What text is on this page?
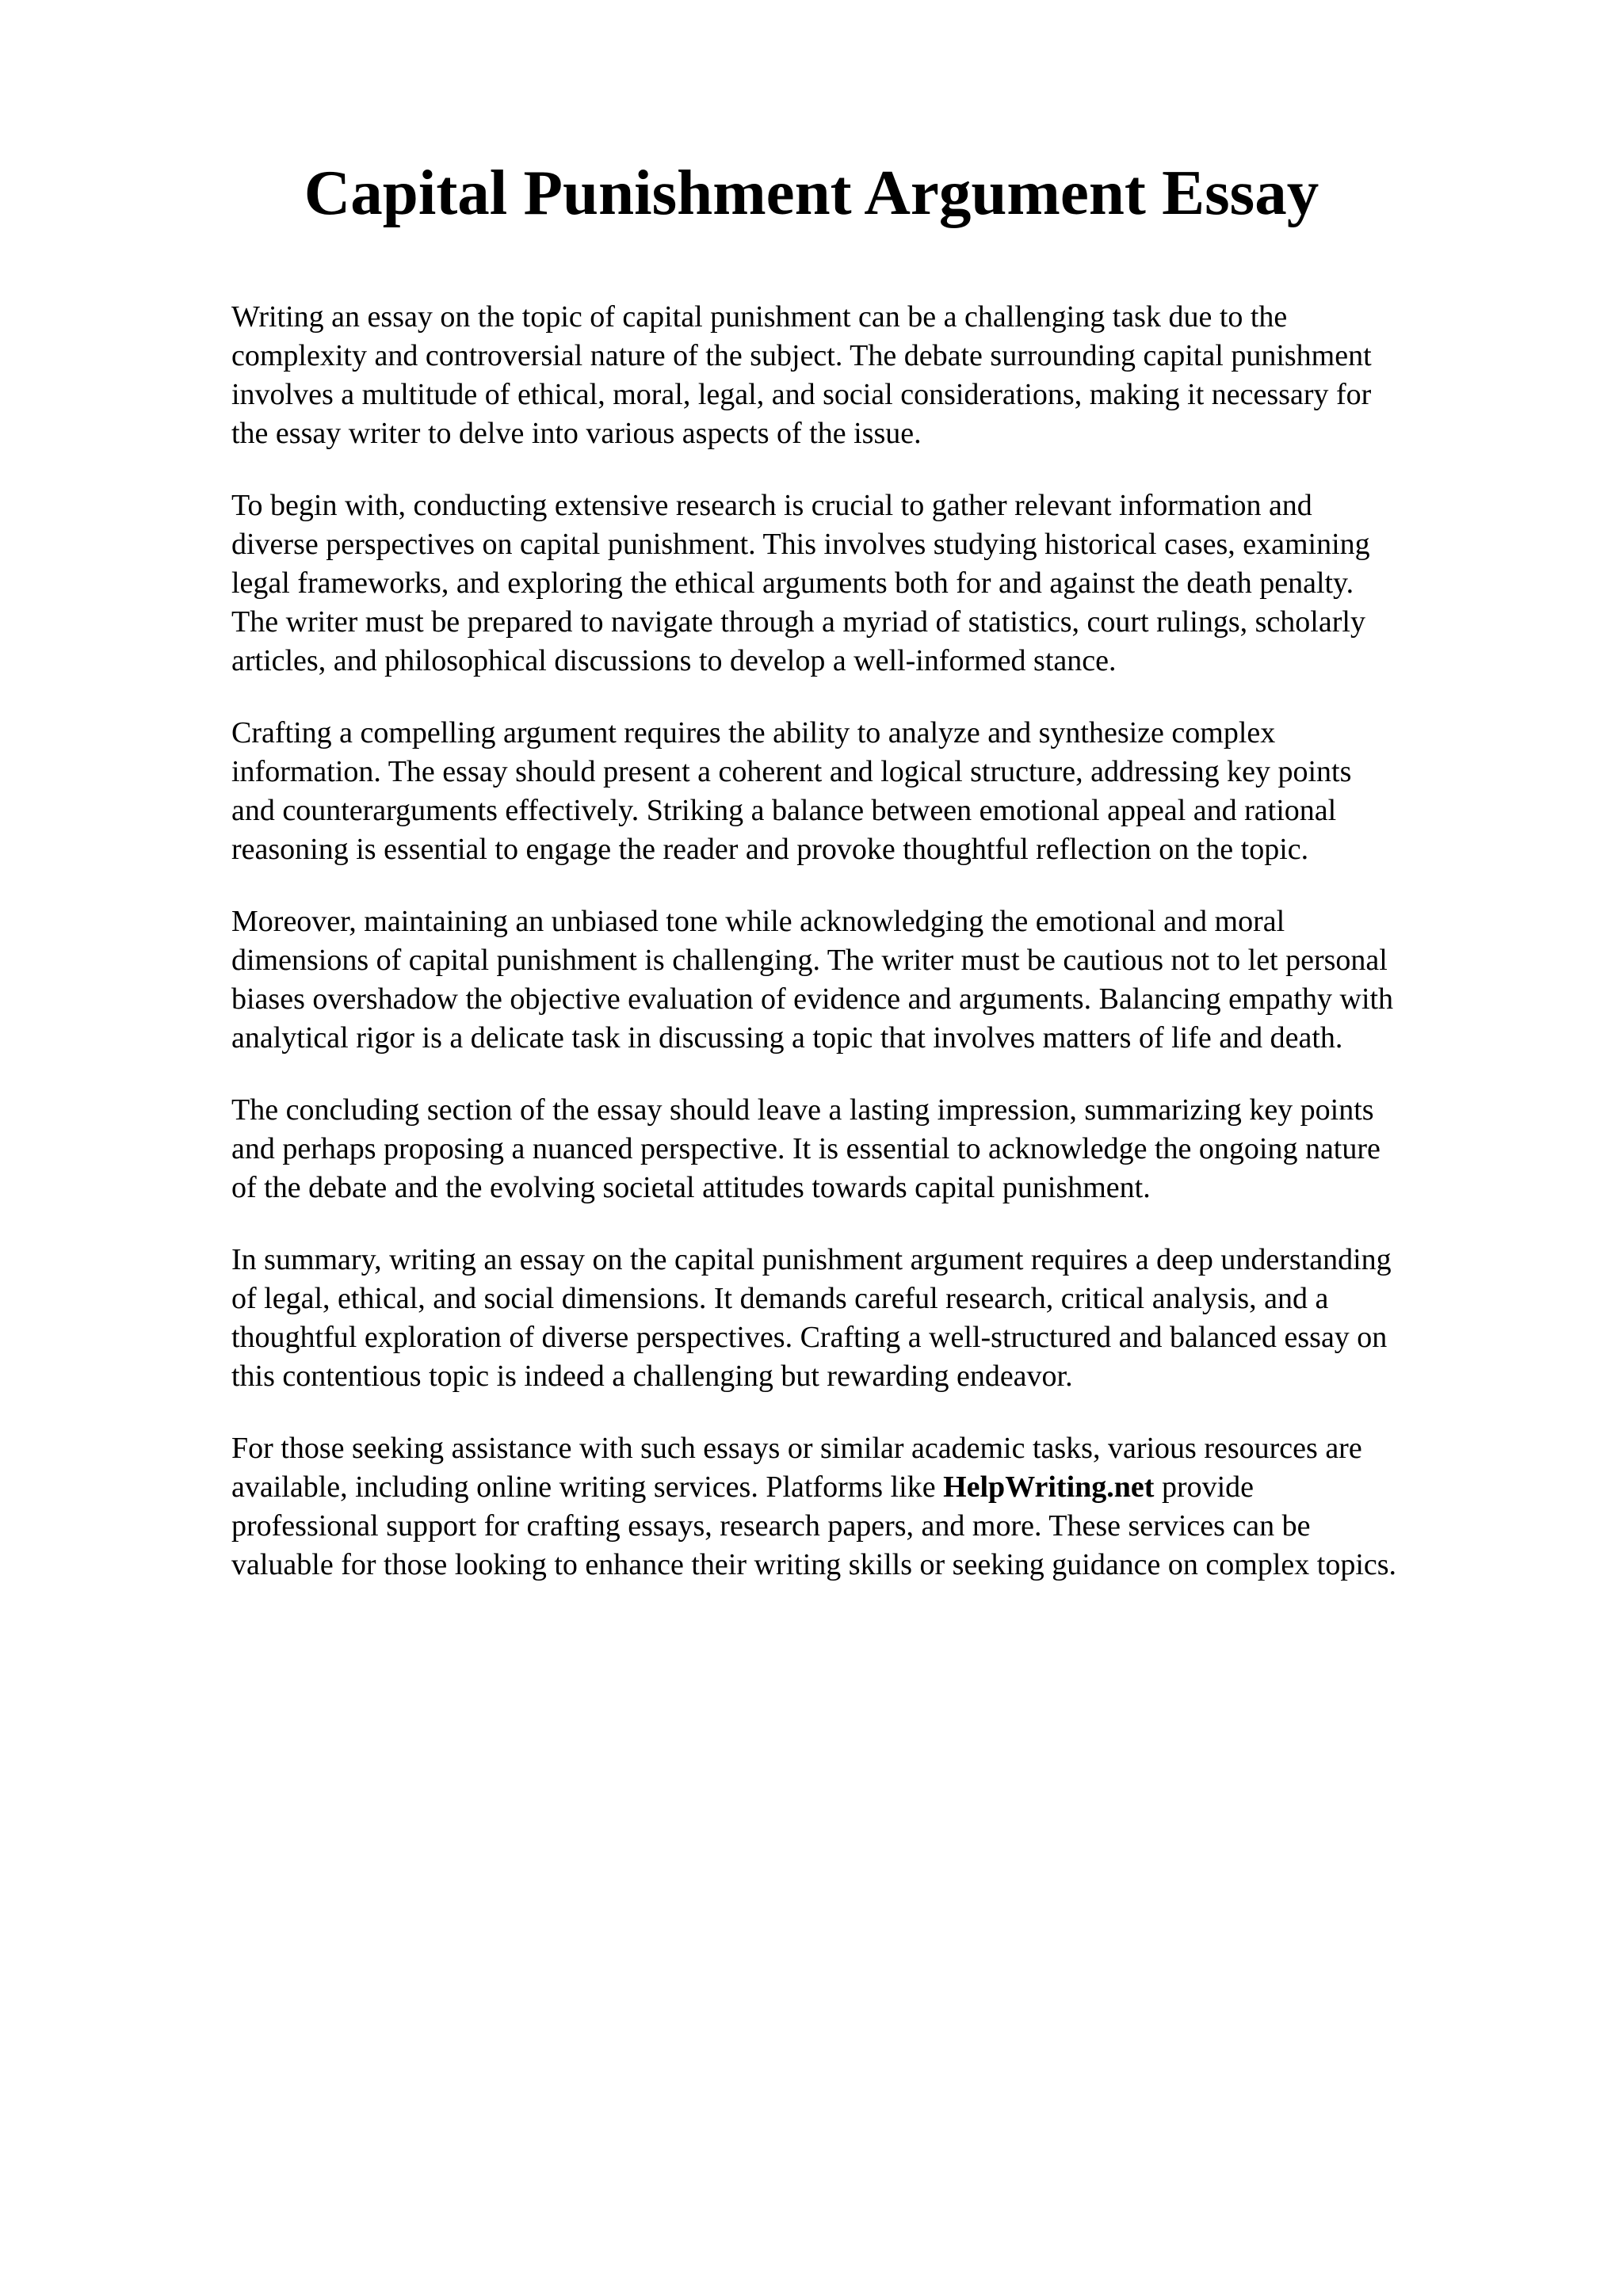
Capital Punishment Argument Essay

Writing an essay on the topic of capital punishment can be a challenging task due to the
complexity and controversial nature of the subject. The debate surrounding capital punishment
involves a multitude of ethical, moral, legal, and social considerations, making it necessary for
the essay writer to delve into various aspects of the issue.

To begin with, conducting extensive research is crucial to gather relevant information and
diverse perspectives on capital punishment. This involves studying historical cases, examining
legal frameworks, and exploring the ethical arguments both for and against the death penalty.
The writer must be prepared to navigate through a myriad of statistics, court rulings, scholarly
articles, and philosophical discussions to develop a well-informed stance.

Crafting a compelling argument requires the ability to analyze and synthesize complex
information. The essay should present a coherent and logical structure, addressing key points
and counterarguments effectively. Striking a balance between emotional appeal and rational
reasoning is essential to engage the reader and provoke thoughtful reflection on the topic.

Moreover, maintaining an unbiased tone while acknowledging the emotional and moral
dimensions of capital punishment is challenging. The writer must be cautious not to let personal
biases overshadow the objective evaluation of evidence and arguments. Balancing empathy with
analytical rigor is a delicate task in discussing a topic that involves matters of life and death.

The concluding section of the essay should leave a lasting impression, summarizing key points
and perhaps proposing a nuanced perspective. It is essential to acknowledge the ongoing nature
of the debate and the evolving societal attitudes towards capital punishment.

In summary, writing an essay on the capital punishment argument requires a deep understanding
of legal, ethical, and social dimensions. It demands careful research, critical analysis, and a
thoughtful exploration of diverse perspectives. Crafting a well-structured and balanced essay on
this contentious topic is indeed a challenging but rewarding endeavor.

For those seeking assistance with such essays or similar academic tasks, various resources are
available, including online writing services. Platforms like HelpWriting.net provide
professional support for crafting essays, research papers, and more. These services can be
valuable for those looking to enhance their writing skills or seeking guidance on complex topics.
